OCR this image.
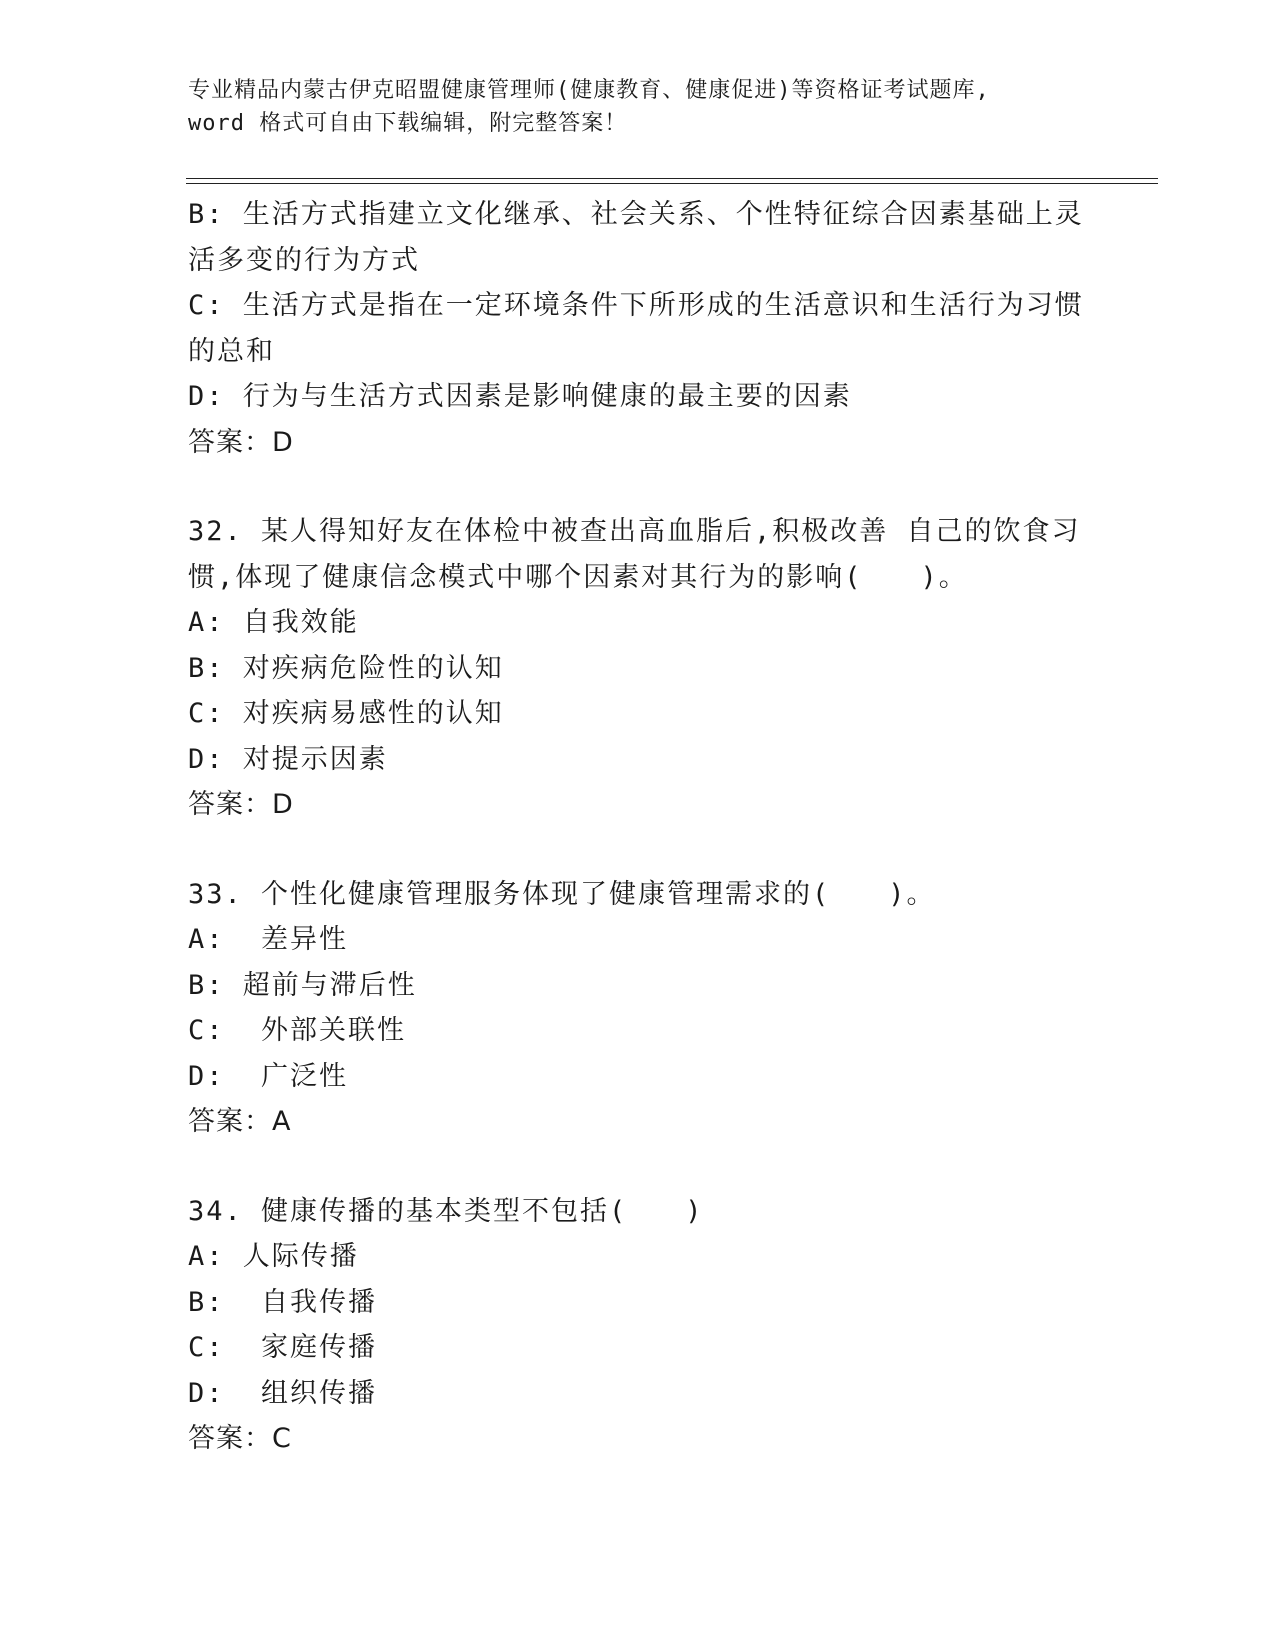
专业精品内蒙古伊克昭盟健康管理师(健康教育、健康促进)等资格证考试题库,
word 格式可自由下载编辑，附完整答案！
B: 生活方式指建立文化继承、社会关系、个性特征综合因素基础上灵
活多变的行为方式
C: 生活方式是指在一定环境条件下所形成的生活意识和生活行为习惯
的总和
D: 行为与生活方式因素是影响健康的最主要的因素
答案：D
32. 某人得知好友在体检中被查出高血脂后,积极改善 自己的饮食习
惯,体现了健康信念模式中哪个因素对其行为的影响(　　)。
A: 自我效能
B: 对疾病危险性的认知
C: 对疾病易感性的认知
D: 对提示因素
答案：D
33. 个性化健康管理服务体现了健康管理需求的(　　)。
A:  差异性
B: 超前与滞后性
C:  外部关联性
D:  广泛性
答案：A
34. 健康传播的基本类型不包括(　　)
A: 人际传播
B:  自我传播
C:  家庭传播
D:  组织传播
答案：C
